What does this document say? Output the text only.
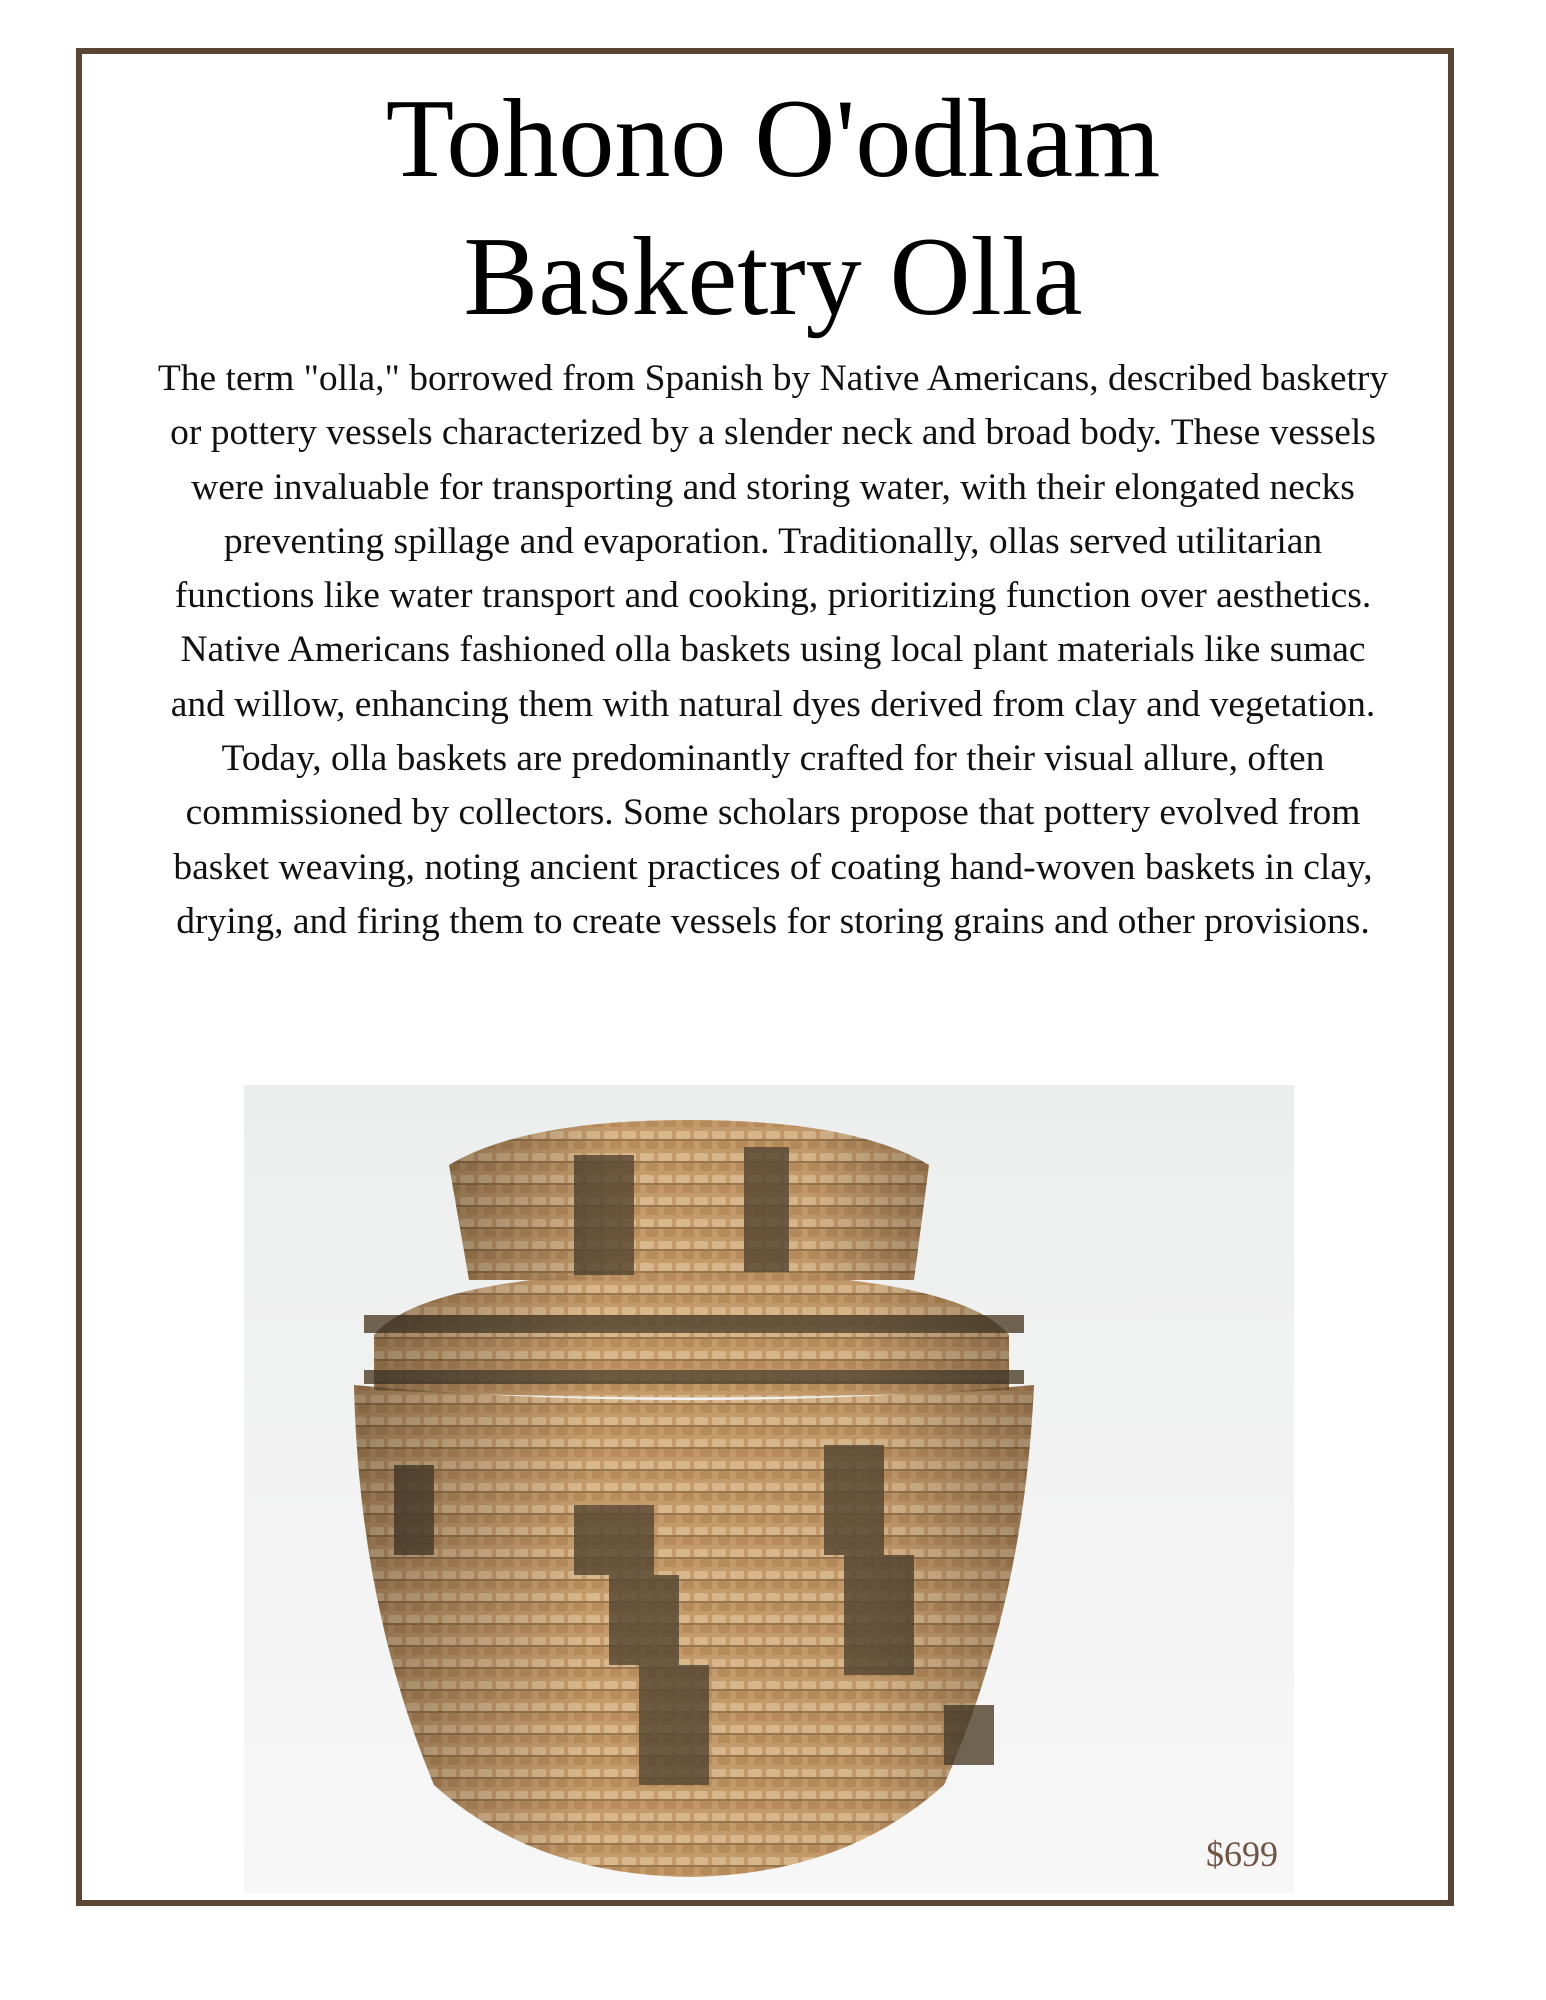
Tohono O'odham
Basketry Olla

The term "olla," borrowed from Spanish by Native Americans, described basketry or pottery vessels characterized by a slender neck and broad body. These vessels were invaluable for transporting and storing water, with their elongated necks preventing spillage and evaporation. Traditionally, ollas served utilitarian functions like water transport and cooking, prioritizing function over aesthetics. Native Americans fashioned olla baskets using local plant materials like sumac and willow, enhancing them with natural dyes derived from clay and vegetation. Today, olla baskets are predominantly crafted for their visual allure, often commissioned by collectors. Some scholars propose that pottery evolved from basket weaving, noting ancient practices of coating hand-woven baskets in clay, drying, and firing them to create vessels for storing grains and other provisions.

$699
